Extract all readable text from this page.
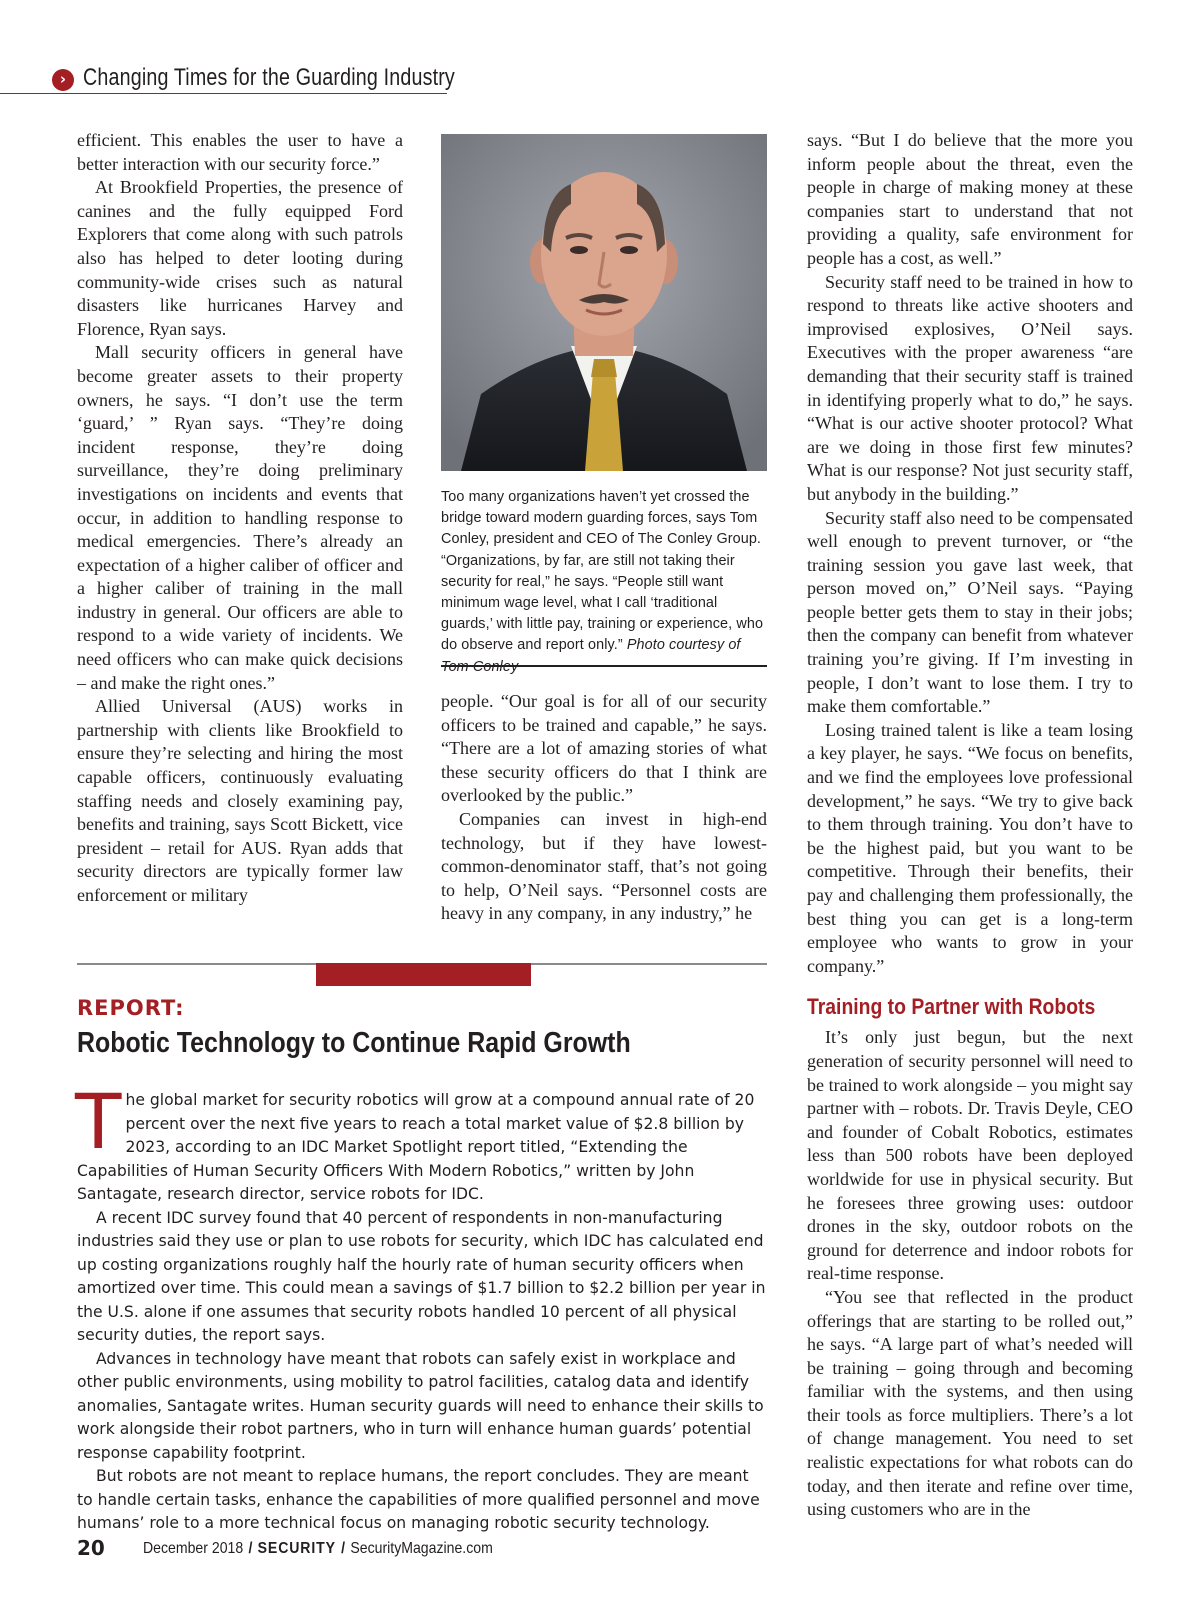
› Changing Times for the Guarding Industry

efficient. This enables the user to have a better interaction with our security force.”

At Brookfield Properties, the presence of canines and the fully equipped Ford Explorers that come along with such patrols also has helped to deter looting during community-wide crises such as natural disasters like hurricanes Harvey and Florence, Ryan says.

Mall security officers in general have become greater assets to their property owners, he says. “I don’t use the term ‘guard,’ ” Ryan says. “They’re doing incident response, they’re doing surveillance, they’re doing preliminary investigations on incidents and events that occur, in addition to handling response to medical emergencies. There’s already an expectation of a higher caliber of officer and a higher caliber of training in the mall industry in general. Our officers are able to respond to a wide variety of incidents. We need officers who can make quick decisions – and make the right ones.”

Allied Universal (AUS) works in partnership with clients like Brookfield to ensure they’re selecting and hiring the most capable officers, continuously evaluating staffing needs and closely examining pay, benefits and training, says Scott Bickett, vice president – retail for AUS. Ryan adds that security directors are typically former law enforcement or military

Too many organizations haven’t yet crossed the bridge toward modern guarding forces, says Tom Conley, president and CEO of The Conley Group. “Organizations, by far, are still not taking their security for real,” he says. “People still want minimum wage level, what I call ‘traditional guards,’ with little pay, training or experience, who do observe and report only.” Photo courtesy of

people. “Our goal is for all of our security officers to be trained and capable,” he says. “There are a lot of amazing stories of what these security officers do that I think are overlooked by the public.”

Companies can invest in high-end technology, but if they have lowest-common-denominator staff, that’s not going to help, O’Neil says. “Personnel costs are heavy in any company, in any industry,” he

says. “But I do believe that the more you inform people about the threat, even the people in charge of making money at these companies start to understand that not providing a quality, safe environment for people has a cost, as well.”

Security staff need to be trained in how to respond to threats like active shooters and improvised explosives, O’Neil says. Executives with the proper awareness “are demanding that their security staff is trained in identifying properly what to do,” he says. “What is our active shooter protocol? What are we doing in those first few minutes? What is our response? Not just security staff, but anybody in the building.”

Security staff also need to be compensated well enough to prevent turnover, or “the training session you gave last week, that person moved on,” O’Neil says. “Paying people better gets them to stay in their jobs; then the company can benefit from whatever training you’re giving. If I’m investing in people, I don’t want to lose them. I try to make them comfortable.”

Losing trained talent is like a team losing a key player, he says. “We focus on benefits, and we find the employees love professional development,” he says. “We try to give back to them through training. You don’t have to be the highest paid, but you want to be competitive. Through their benefits, their pay and challenging them professionally, the best thing you can get is a long-term employee who wants to grow in your company.”

Training to Partner with Robots

It’s only just begun, but the next generation of security personnel will need to be trained to work alongside – you might say partner with – robots. Dr. Travis Deyle, CEO and founder of Cobalt Robotics, estimates less than 500 robots have been deployed worldwide for use in physical security. But he foresees three growing uses: outdoor drones in the sky, outdoor robots on the ground for deterrence and indoor robots for real-time response.

“You see that reflected in the product offerings that are starting to be rolled out,” he says. “A large part of what’s needed will be training – going through and becoming familiar with the systems, and then using their tools as force multipliers. There’s a lot of change management. You need to set realistic expectations for what robots can do today, and then iterate and refine over time, using customers who are in the

REPORT:
Robotic Technology to Continue Rapid Growth

The global market for security robotics will grow at a compound annual rate of 20 percent over the next five years to reach a total market value of $2.8 billion by 2023, according to an IDC Market Spotlight report titled, “Extending the Capabilities of Human Security Officers With Modern Robotics,” written by John Santagate, research director, service robots for IDC.

A recent IDC survey found that 40 percent of respondents in non-manufacturing industries said they use or plan to use robots for security, which IDC has calculated end up costing organizations roughly half the hourly rate of human security officers when amortized over time. This could mean a savings of $1.7 billion to $2.2 billion per year in the U.S. alone if one assumes that security robots handled 10 percent of all physical security duties, the report says.

Advances in technology have meant that robots can safely exist in workplace and other public environments, using mobility to patrol facilities, catalog data and identify anomalies, Santagate writes. Human security guards will need to enhance their skills to work alongside their robot partners, who in turn will enhance human guards’ potential response capability footprint.

But robots are not meant to replace humans, the report concludes. They are meant to handle certain tasks, enhance the capabilities of more qualified personnel and move humans’ role to a more technical focus on managing robotic security technology.

20 December 2018 / SECURITY / SecurityMagazine.com
